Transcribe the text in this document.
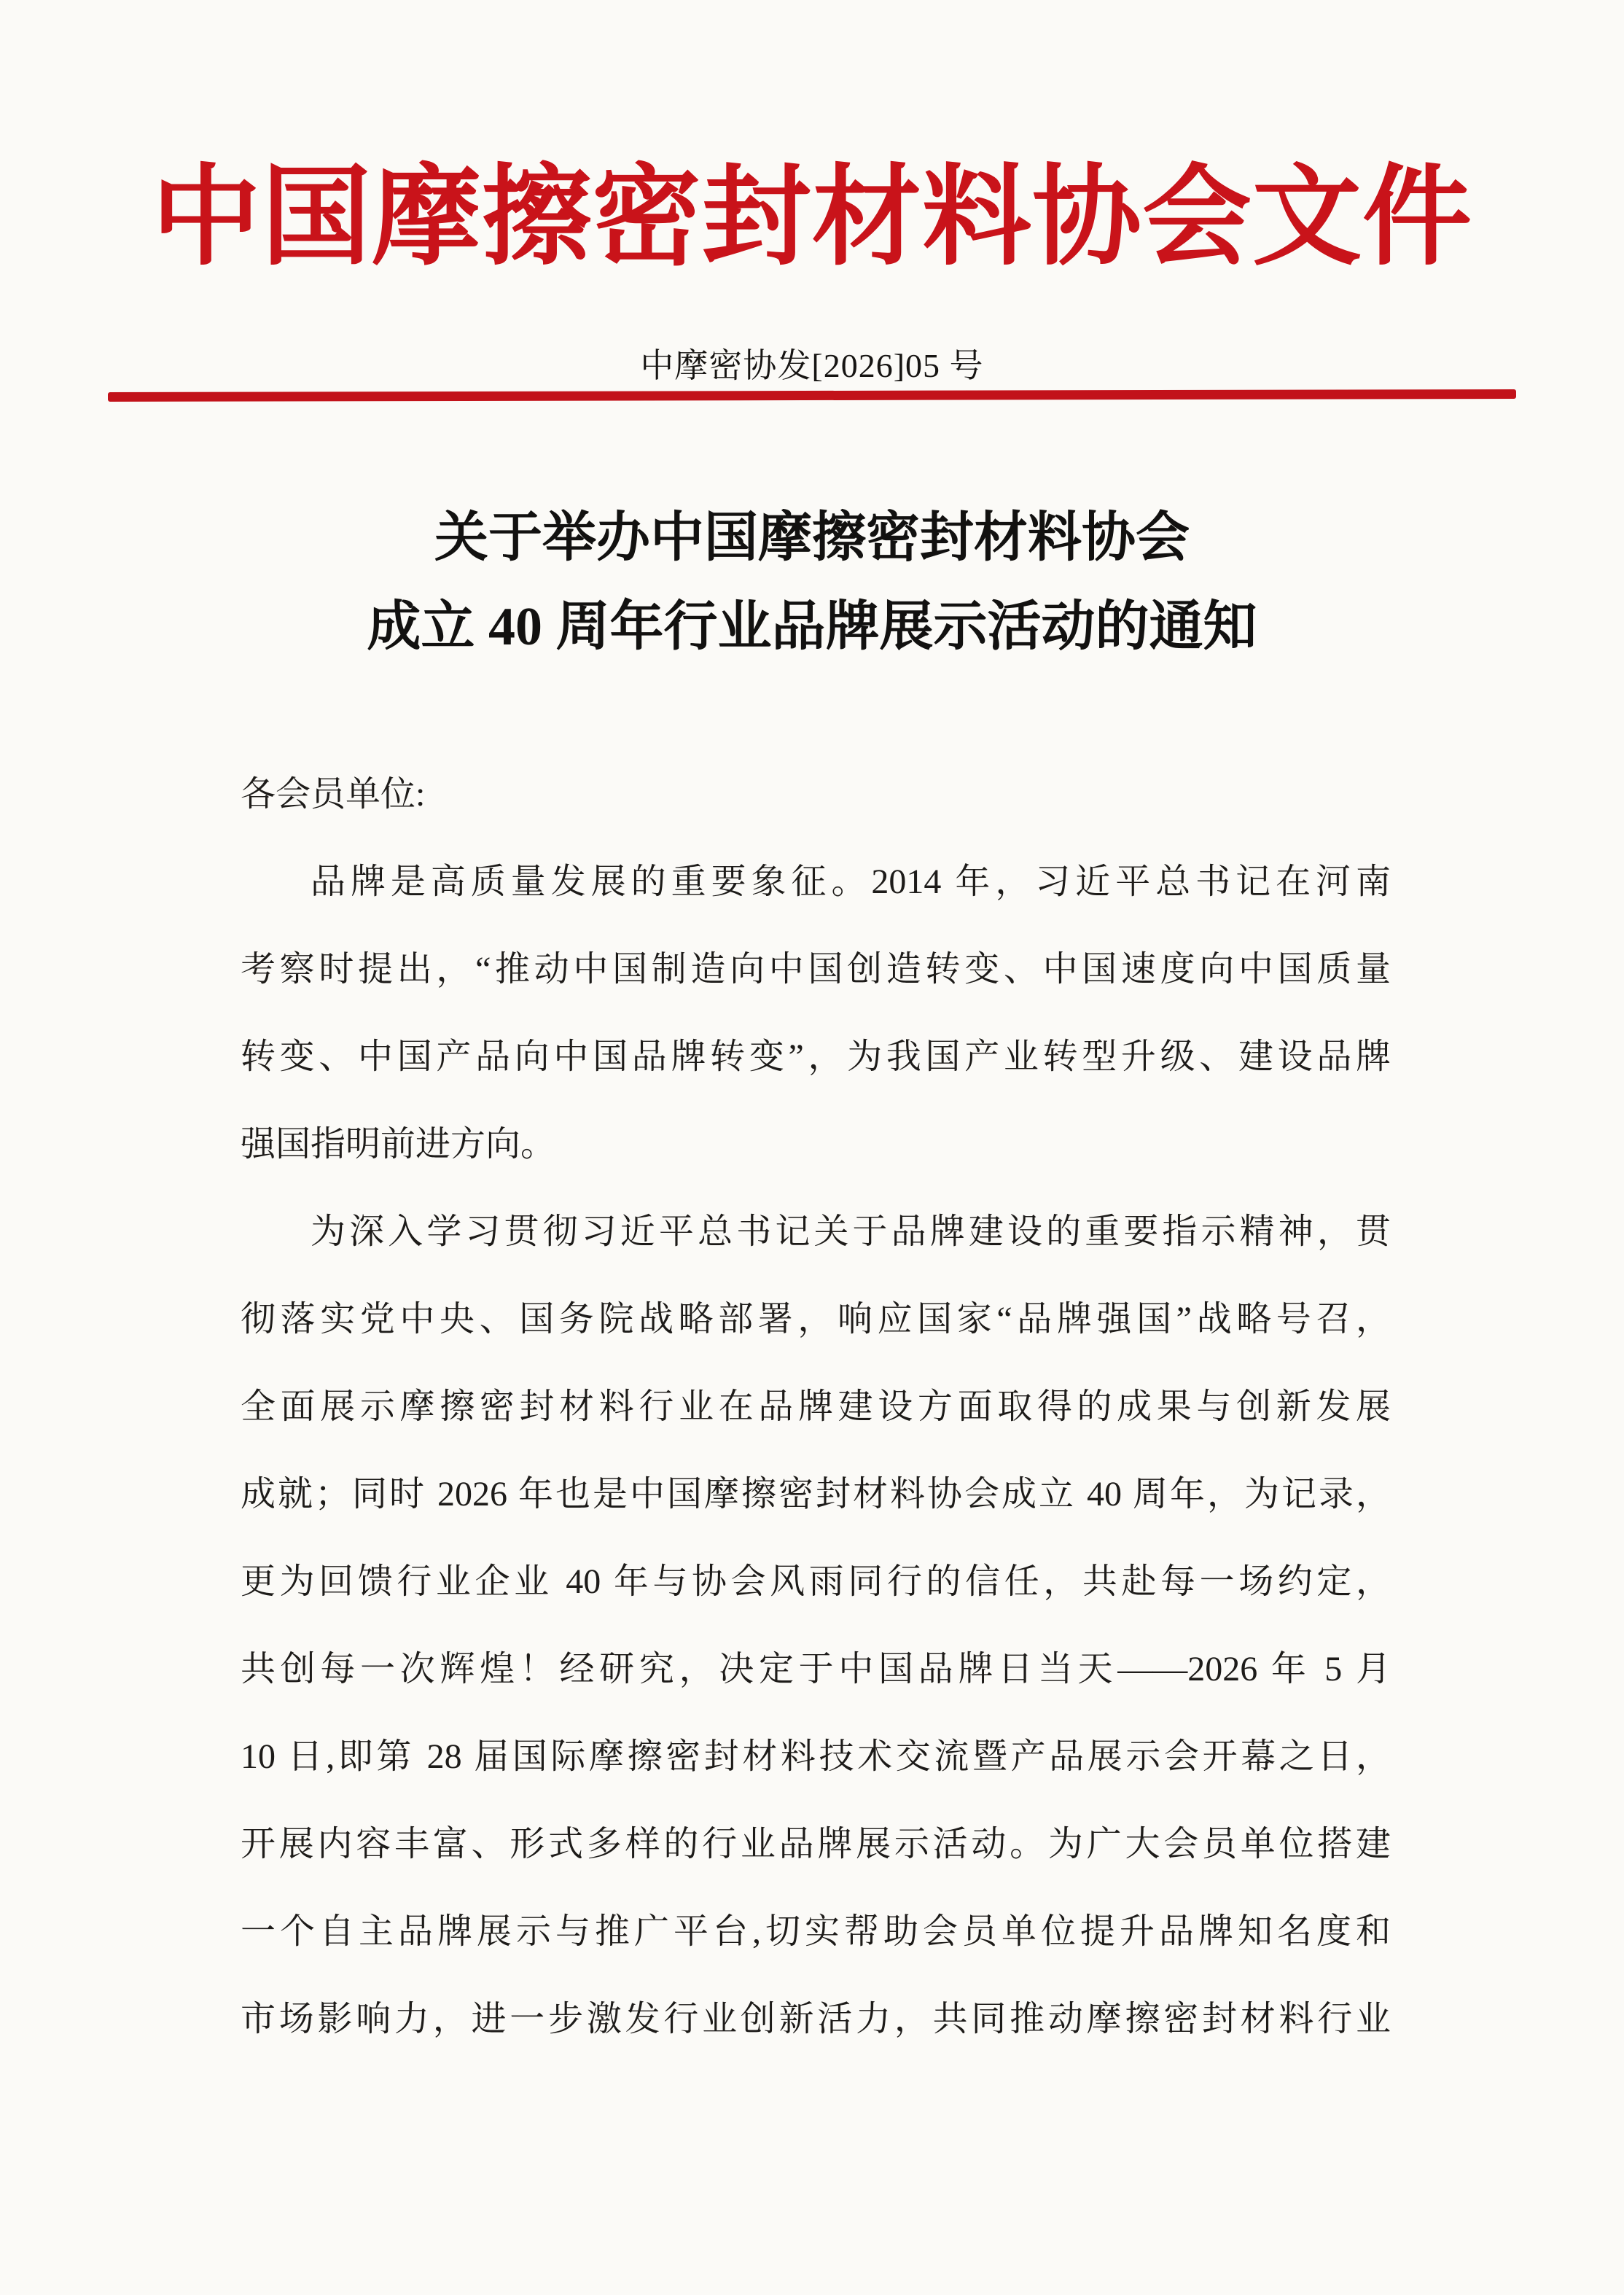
中国摩擦密封材料协会文件
中摩密协发[2026]05 号
关于举办中国摩擦密封材料协会
成立 40 周年行业品牌展示活动的通知
各会员单位:
品牌是高质量发展的重要象征。2014 年，习近平总书记在河南
考察时提出，“推动中国制造向中国创造转变、中国速度向中国质量
转变、中国产品向中国品牌转变”，为我国产业转型升级、建设品牌
强国指明前进方向。
为深入学习贯彻习近平总书记关于品牌建设的重要指示精神，贯
彻落实党中央、国务院战略部署，响应国家“品牌强国”战略号召，
全面展示摩擦密封材料行业在品牌建设方面取得的成果与创新发展
成就；同时 2026 年也是中国摩擦密封材料协会成立 40 周年，为记录，
更为回馈行业企业 40 年与协会风雨同行的信任，共赴每一场约定，
共创每一次辉煌！经研究，决定于中国品牌日当天——2026 年 5 月
10 日,即第 28 届国际摩擦密封材料技术交流暨产品展示会开幕之日，
开展内容丰富、形式多样的行业品牌展示活动。为广大会员单位搭建
一个自主品牌展示与推广平台,切实帮助会员单位提升品牌知名度和
市场影响力，进一步激发行业创新活力，共同推动摩擦密封材料行业
